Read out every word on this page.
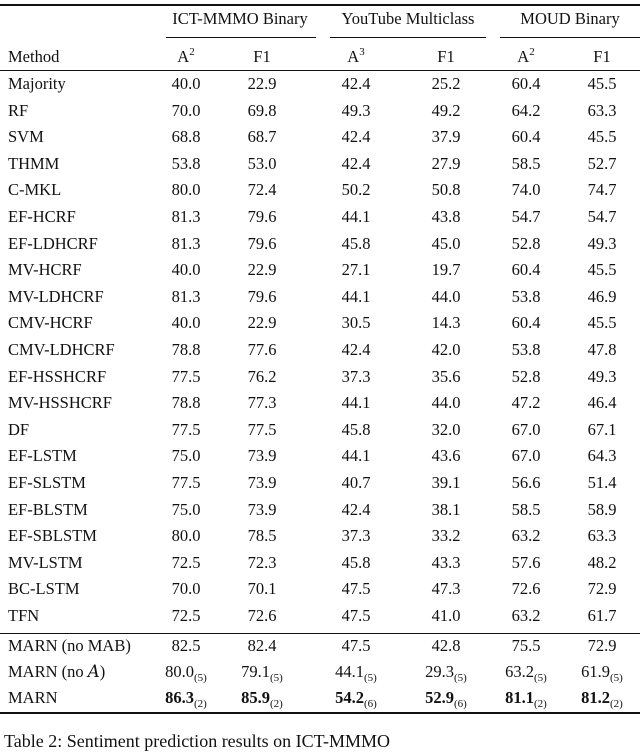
ICT-MMMO Binary YouTube Multiclass	MOUD Binary
Method	$A^2$	F1	$A^3$	F1	$A^2$	F1
Majority	40.0	22.9	42.4	25.2	60.4	45.5
RF	70.0	69.8	49.3	49.2	64.2	63.3
SVM	68.8	68.7	42.4	37.9	60.4	45.5
THMM	53.8	53.0	42.4	27.9	58.5	52.7
C-MKL	80.0	72.4	50.2	50.8	74.0	74.7
EF-HCRF	81.3	79.6	44.1	43.8	54.7	54.7
EF-LDHCRF	81.3	79.6	45.8	45.0	52.8	49.3
MV-HCRF	40.0	22.9	27.1	19.7	60.4	45.5
MV-LDHCRF	81.3	79.6	44.1	44.0	53.8	46.9
CMV-HCRF	40.0	22.9	30.5	14.3	60.4	45.5
CMV-LDHCRF	78.8	77.6	42.4	42.0	53.8	47.8
EF-HSSHCRF	77.5	76.2	37.3	35.6	52.8	49.3
MV-HSSHCRF	78.8	77.3	44.1	44.0	47.2	46.4
DF	77.5	77.5	45.8	32.0	67.0	67.1
EF-LSTM	75.0	73.9	44.1	43.6	67.0	64.3
EF-SLSTM	77.5	73.9	40.7	39.1	56.6	51.4
EF-BLSTM	75.0	73.9	42.4	38.1	58.5	58.9
EF-SBLSTM	80.0	78.5	37.3	33.2	63.2	63.3
MV-LSTM	72.5	72.3	45.8	43.3	57.6	48.2
BC-LSTM	70.0	70.1	47.5	47.3	72.6	72.9
TFN	72.5	72.6	47.5	41.0	63.2	61.7
MARN (no MAB) 82.5	82.4	47.5	42.8	75.5	72.9
MARN (no A)	$80.0_{(5)}$ $79.1_{(5)}$	$44.1_{(5)}$	$29.3_{(5)}$ $63.2_{(5)}$ $61.9_{(5)}$
MARN	$86.3_{(2)}$ $85.9_{(2)}$	$54.2_{(6)}$	$52.9_{(6)}$ $81.1_{(2)}$ $81.2_{(2)}$
Table 2: Sentiment prediction results on ICT-MMMO
